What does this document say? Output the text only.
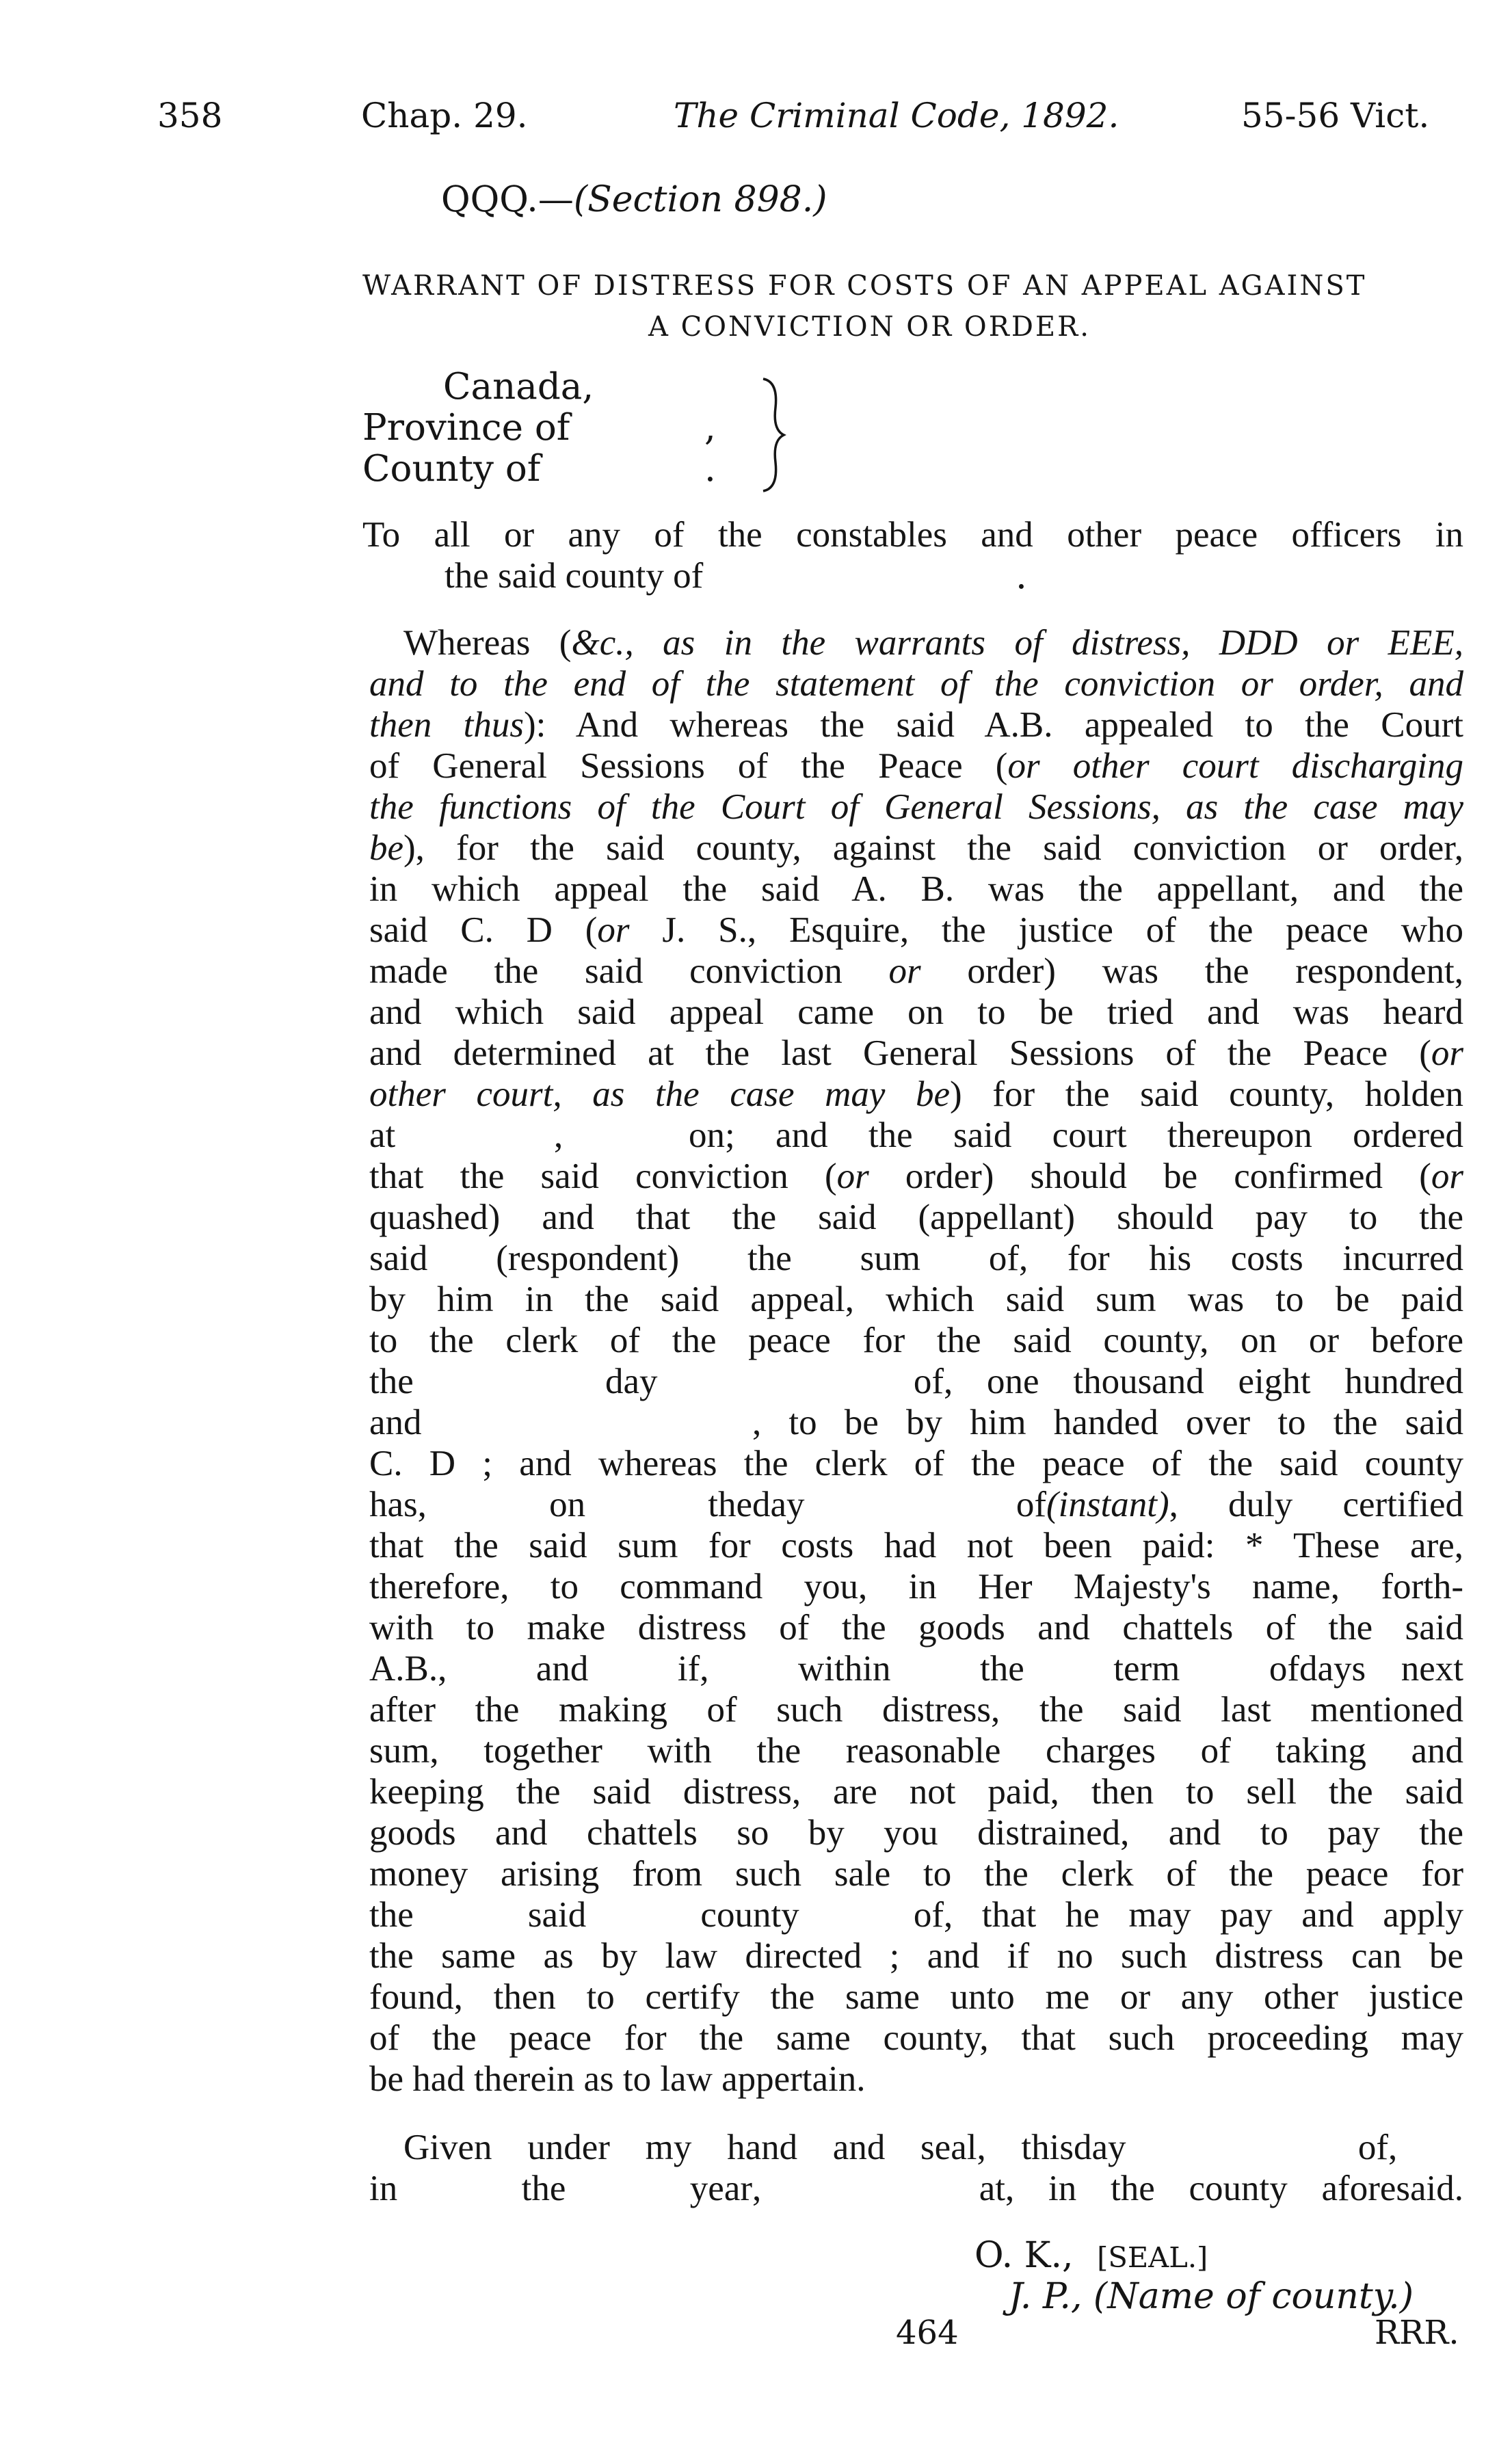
358	Chap. 29.	The Criminal Code, 1892.	55-56 Vict.
QQQ.—(Section 898.)
WARRANT OF DISTRESS FOR COSTS OF AN APPEAL AGAINST
A CONVICTION OR ORDER.
Canada,
Province of	,
County of	.
To all or any of the constables and other peace officers in
the said county of	.
Whereas (&c., as in the warrants of distress, DDD or EEE,
and to the end of the statement of the conviction or order, and
then thus): And whereas the said A.B. appealed to the Court
of General Sessions of the Peace (or other court discharging
the functions of the Court of General Sessions, as the case may
be), for the said county, against the said conviction or order,
in which appeal the said A. B. was the appellant, and the
said C. D (or J. S., Esquire, the justice of the peace who
made the said conviction or order) was the respondent,
and which said appeal came on to be tried and was heard
and determined at the last General Sessions of the Peace (or
other court, as the case may be) for the said county, holden
at	, on; and the said court thereupon ordered
that the said conviction (or order) should be confirmed (or
quashed) and that the said (appellant) should pay to the
said (respondent) the sum of, for his costs incurred
by him in the said appeal, which said sum was to be paid
to the clerk of the peace for the said county, on or before
the	day of, one thousand eight hundred
and	, to be by him handed over to the said
C. D ; and whereas the clerk of the peace of the said county
has, on theday of(instant), duly certified
that the said sum for costs had not been paid: * These are,
therefore, to command you, in Her Majesty's name, forth-
with to make distress of the goods and chattels of the said
A.B., and if, within the term ofdays next
after the making of such distress, the said last mentioned
sum, together with the reasonable charges of taking and
keeping the said distress, are not paid, then to sell the said
goods and chattels so by you distrained, and to pay the
money arising from such sale to the clerk of the peace for
the said county of, that he may pay and apply
the same as by law directed ; and if no such distress can be
found, then to certify the same unto me or any other justice
of the peace for the same county, that such proceeding may
be had therein as to law appertain.
Given under my hand and seal, thisday of,
in the year, at, in the county aforesaid.
O. K., [SEAL.]
J. P., (Name of county.)
464	RRR.
